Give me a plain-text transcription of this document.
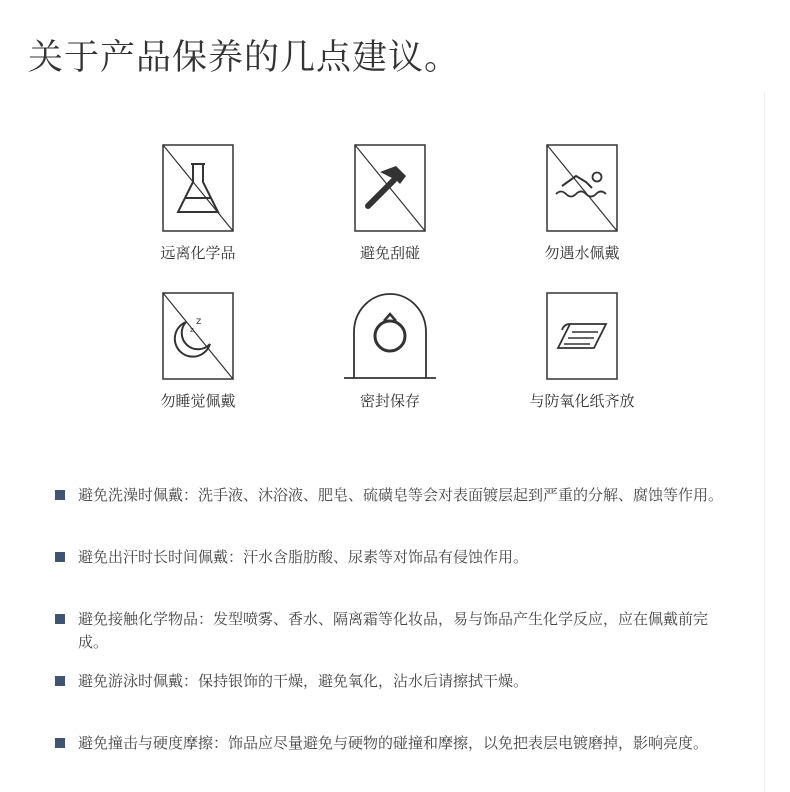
关于产品保养的几点建议。
远离化学品	避免刮碰	勿遇水佩戴
z
z
勿睡觉佩戴	密封保存	与防氧化纸齐放
避免洗澡时佩戴：洗手液、沐浴液、肥皂、硫磺皂等会对表面镀层起到严重的分解、腐蚀等作用。
避免出汗时长时间佩戴：汗水含脂肪酸、尿素等对饰品有侵蚀作用。
避免接触化学物品：发型喷雾、香水、隔离霜等化妆品，易与饰品产生化学反应，应在佩戴前完成。
避免游泳时佩戴：保持银饰的干燥，避免氧化，沾水后请擦拭干燥。
避免撞击与硬度摩擦：饰品应尽量避免与硬物的碰撞和摩擦，以免把表层电镀磨掉，影响亮度。
